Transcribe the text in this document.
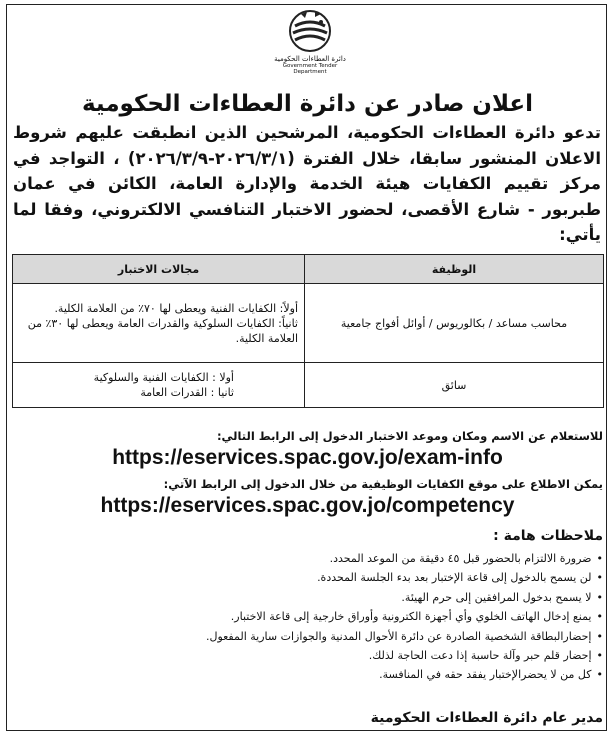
دائرة العطاءات الحكومية
Government Tender Department
اعلان صادر عن دائرة العطاءات الحكومية
تدعو دائرة العطاءات الحكومية، المرشحين الذين انطبقت عليهم شروط الاعلان المنشور سابقا، خلال الفترة (٢٠٢٦/٣/١-٢٠٢٦/٣/٩) ، التواجد في مركز تقييم الكفايات هيئة الخدمة والإدارة العامة، الكائن في عمان طبربور - شارع الأقصى، لحضور الاختبار التنافسي الالكتروني، وفقا لما يأتي:
الوظيفة	مجالات الاختبار
محاسب مساعد / بكالوريوس / أوائل أفواج جامعية	أولاً: الكفايات الفنية ويعطى لها ٧٠٪ من العلامة الكلية.
ثانياً: الكفايات السلوكية والقدرات العامة ويعطى لها ٣٠٪ من العلامة الكلية.

سائق	أولا : الكفايات الفنية والسلوكية
ثانيا : القدرات العامة
للاستعلام عن الاسم ومكان وموعد الاختبار الدخول إلى الرابط التالي:
https://eservices.spac.gov.jo/exam-info
يمكن الاطلاع على موقع الكفايات الوظيفية من خلال الدخول إلى الرابط الآتي:
https://eservices.spac.gov.jo/competency
ملاحظات هامة :
• ضرورة الالتزام بالحضور قبل ٤٥ دقيقة من الموعد المحدد.
• لن يسمح بالدخول إلى قاعة الإختبار بعد بدء الجلسة المحددة.
• لا يسمح بدخول المرافقين إلى حرم الهيئة.
• يمنع إدخال الهاتف الخلوي وأي أجهزة الكترونية وأوراق خارجية إلى قاعة الاختبار.
• إحضارالبطاقة الشخصية الصادرة عن دائرة الأحوال المدنية والجوازات سارية المفعول.
• إحضار قلم حبر وآلة حاسبة إذا دعت الحاجة لذلك.
• كل من لا يحضرالإختبار يفقد حقه في المنافسة.
مدير عام دائرة العطاءات الحكومية
